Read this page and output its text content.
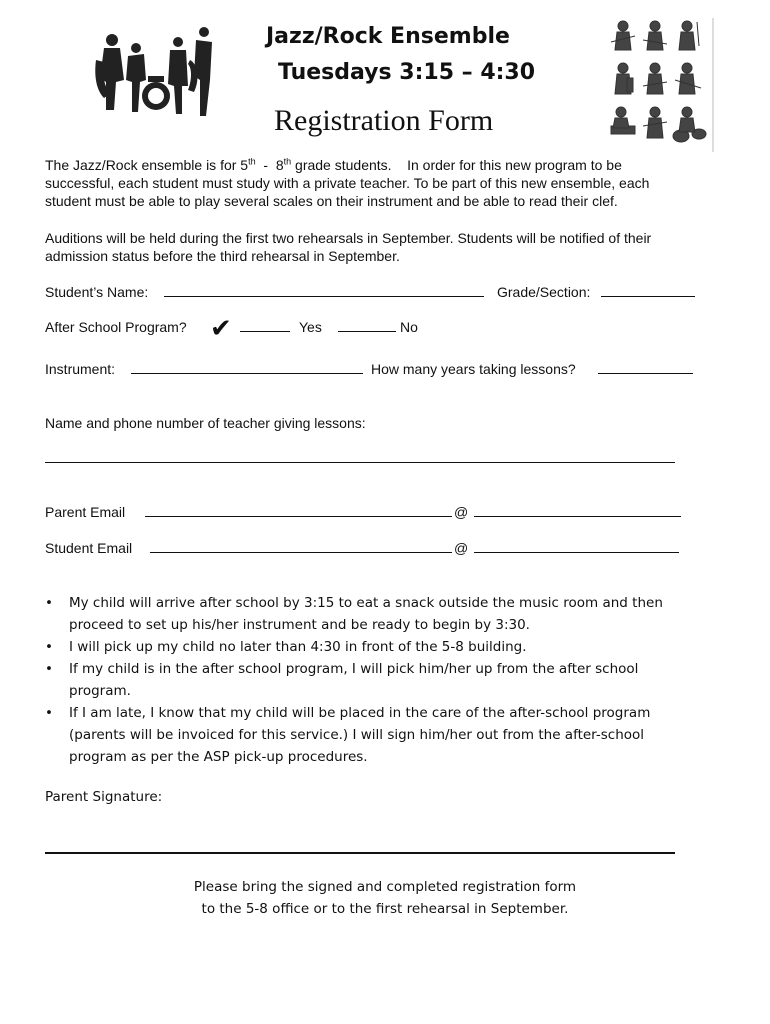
Jazz/Rock Ensemble
Tuesdays 3:15 – 4:30
Registration Form
The Jazz/Rock ensemble is for 5th  -  8th grade students.    In order for this new program to be
successful, each student must study with a private teacher. To be part of this new ensemble, each
student must be able to play several scales on their instrument and be able to read their clef.
Auditions will be held during the first two rehearsals in September. Students will be notified of their
admission status before the third rehearsal in September.
Student’s Name:	Grade/Section:
After School Program? ✔	Yes	No
Instrument:	How many years taking lessons?
Name and phone number of teacher giving lessons:
Parent Email	@
Student Email	@
• My child will arrive after school by 3:15 to eat a snack outside the music room and then proceed to set up his/her instrument and be ready to begin by 3:30.
• I will pick up my child no later than 4:30 in front of the 5-8 building.
• If my child is in the after school program, I will pick him/her up from the after school program.
• If I am late, I know that my child will be placed in the care of the after-school program (parents will be invoiced for this service.) I will sign him/her out from the after-school program as per the ASP pick-up procedures.
Parent Signature:
Please bring the signed and completed registration form
to the 5-8 office or to the first rehearsal in September.
